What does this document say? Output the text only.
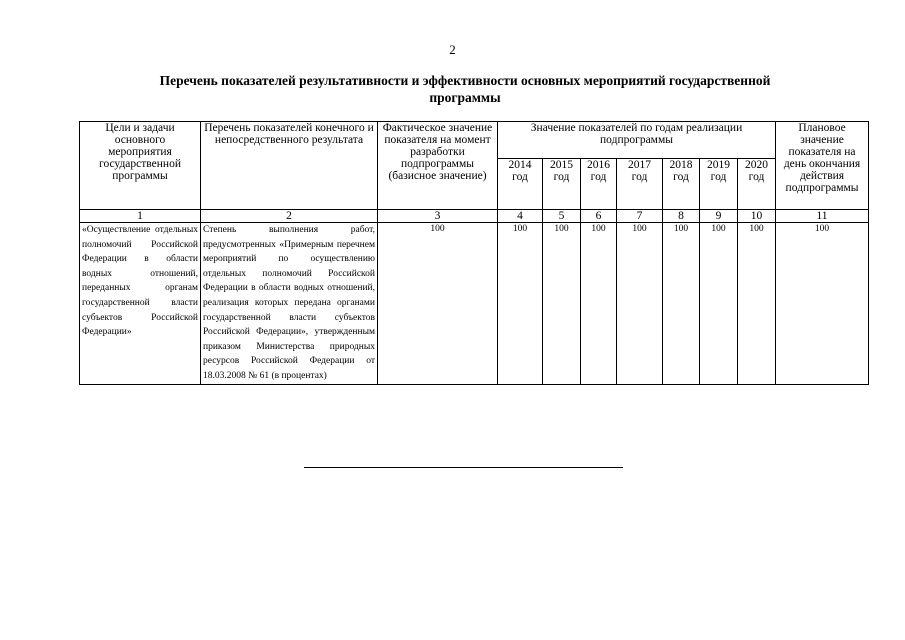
2
Перечень показателей результативности и эффективности основных мероприятий государственной
программы
Цели и задачи основного мероприятия государственной программы	Перечень показателей конечного и непосредственного результата	Фактическое значение показателя на момент разработки подпрограммы (базисное значение)	Значение показателей по годам реализации подпрограммы							Плановое значение показателя на день окончания действия подпрограммы
			2014 год	2015 год	2016 год	2017 год	2018 год	2019 год	2020 год	
1	2	3	4	5	6	7	8	9	10	11
«Осуществление отдельных полномочий Российской Федерации в области водных отношений, переданных органам государственной власти субъектов Российской Федерации»	Степень выполнения работ, предусмотренных «Примерным перечнем мероприятий по осуществлению отдельных полномочий Российской Федерации в области водных отношений, реализация которых передана органами государственной власти субъектов Российской Федерации», утвержденным приказом Министерства природных ресурсов Российской Федерации от 18.03.2008 № 61 (в процентах)	100	100	100	100	100	100	100	100	100
